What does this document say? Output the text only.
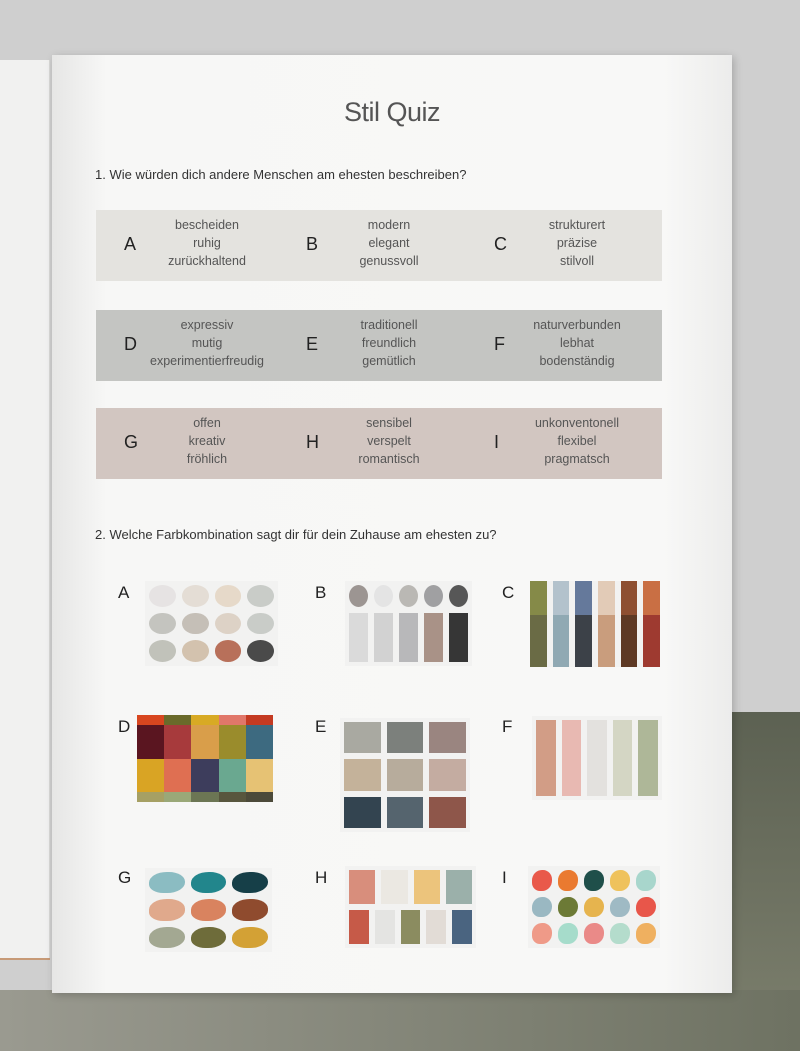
Stil Quiz
1. Wie würden dich andere Menschen am ehesten beschreiben?
A
bescheiden
ruhig
zurückhaltend
B
modern
elegant
genussvoll
C
strukturert
präzise
stilvoll
D
expressiv
mutig
experimentierfreudig
E
traditionell
freundlich
gemütlich
F
naturverbunden
lebhat
bodenständig
G
offen
kreativ
fröhlich
H
sensibel
verspelt
romantisch
I
unkonventonell
flexibel
pragmatsch
2. Welche Farbkombination sagt dir für dein Zuhause am ehesten zu?
A	B	C
D	E	F
G	H	I
